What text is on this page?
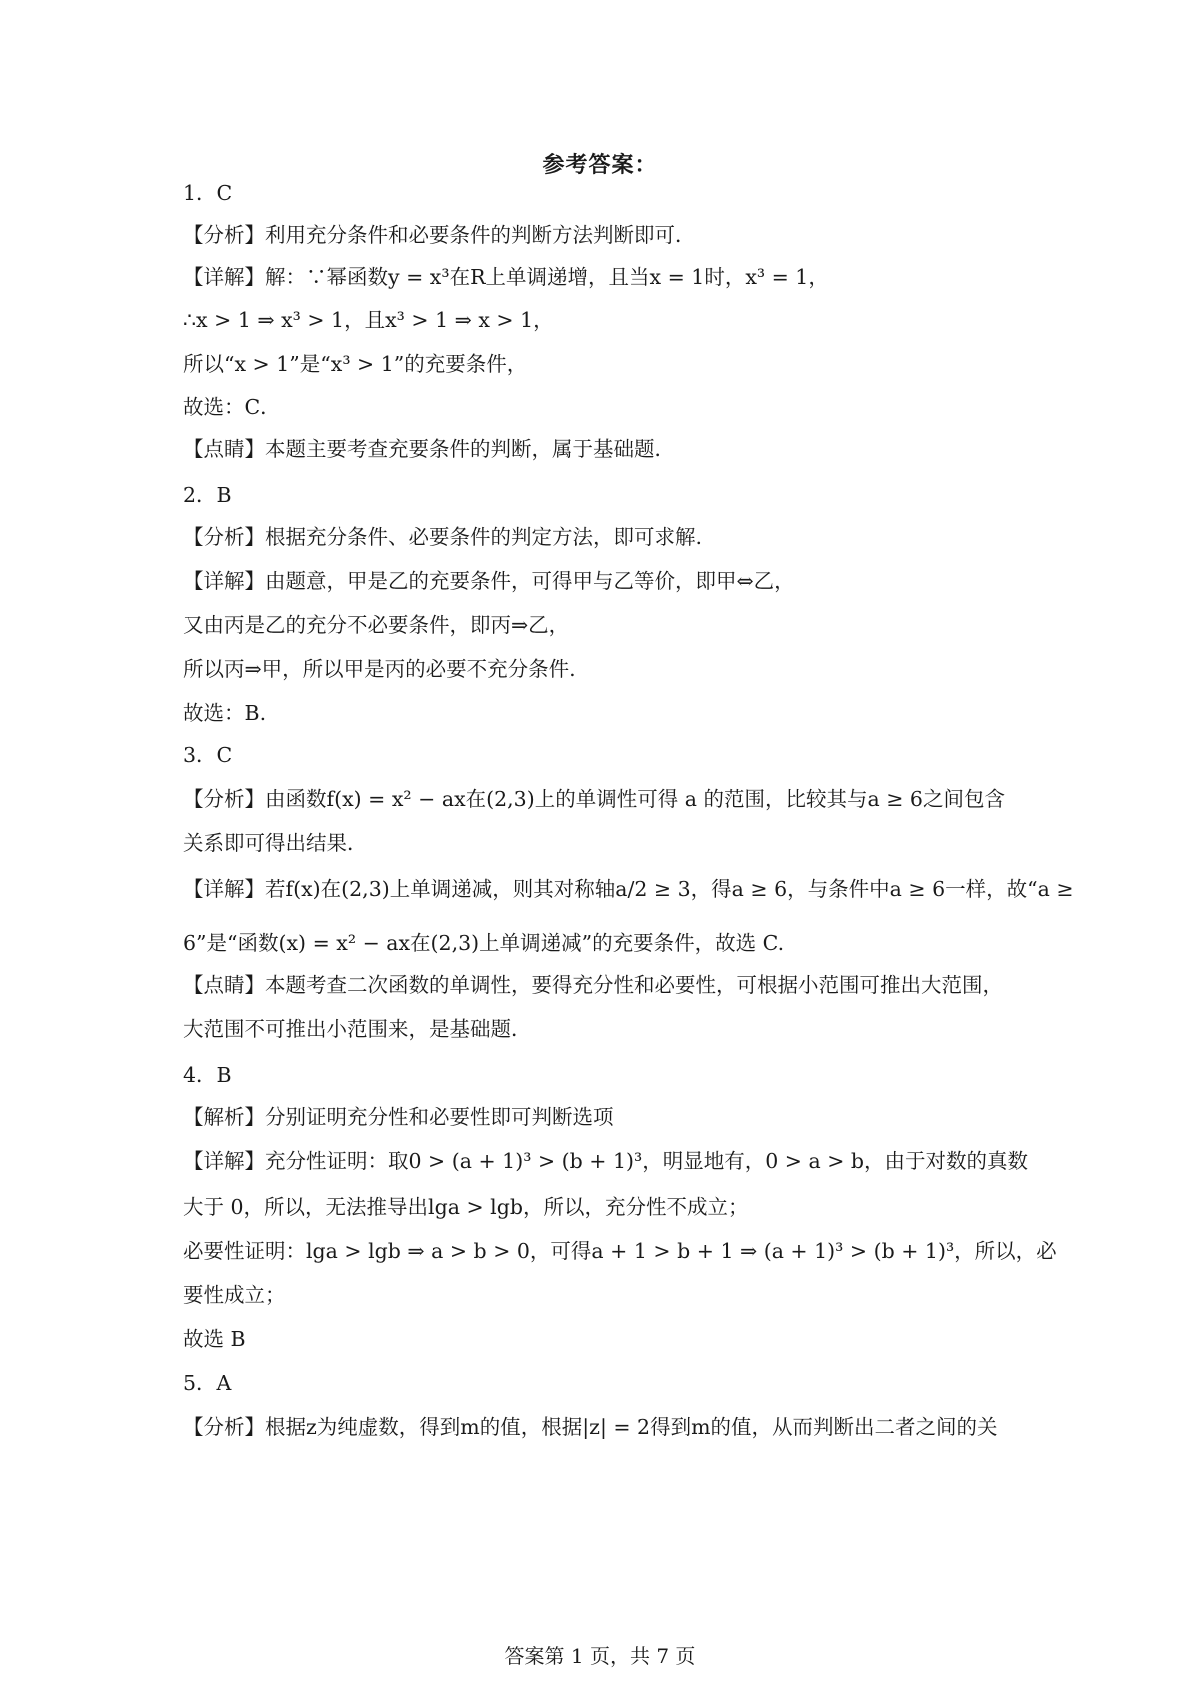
参考答案：
1．C
【分析】利用充分条件和必要条件的判断方法判断即可．
【详解】解：∵幂函数y = x³在R上单调递增，且当x = 1时，x³ = 1，
∴x > 1 ⇒ x³ > 1，且x³ > 1 ⇒ x > 1，
所以“x > 1”是“x³ > 1”的充要条件，
故选：C．
【点睛】本题主要考查充要条件的判断，属于基础题．
2．B
【分析】根据充分条件、必要条件的判定方法，即可求解.
【详解】由题意，甲是乙的充要条件，可得甲与乙等价，即甲⇔乙，
又由丙是乙的充分不必要条件，即丙⇒乙，
所以丙⇒甲，所以甲是丙的必要不充分条件.
故选：B.
3．C
【分析】由函数f(x) = x² − ax在(2,3)上的单调性可得 a 的范围，比较其与a ≥ 6之间包含
关系即可得出结果．
【详解】若f(x)在(2,3)上单调递减，则其对称轴a/2 ≥ 3，得a ≥ 6，与条件中a ≥ 6一样，故“a ≥
6”是“函数(x) = x² − ax在(2,3)上单调递减”的充要条件，故选 C.
【点睛】本题考查二次函数的单调性，要得充分性和必要性，可根据小范围可推出大范围，
大范围不可推出小范围来，是基础题．
4．B
【解析】分别证明充分性和必要性即可判断选项
【详解】充分性证明：取0 > (a + 1)³ > (b + 1)³，明显地有，0 > a > b，由于对数的真数
大于 0，所以，无法推导出lga > lgb，所以，充分性不成立；
必要性证明：lga > lgb ⇒ a > b > 0，可得a + 1 > b + 1 ⇒ (a + 1)³ > (b + 1)³，所以，必
要性成立；
故选 B
5．A
【分析】根据z为纯虚数，得到m的值，根据|z| = 2得到m的值，从而判断出二者之间的关
答案第 1 页，共 7 页
